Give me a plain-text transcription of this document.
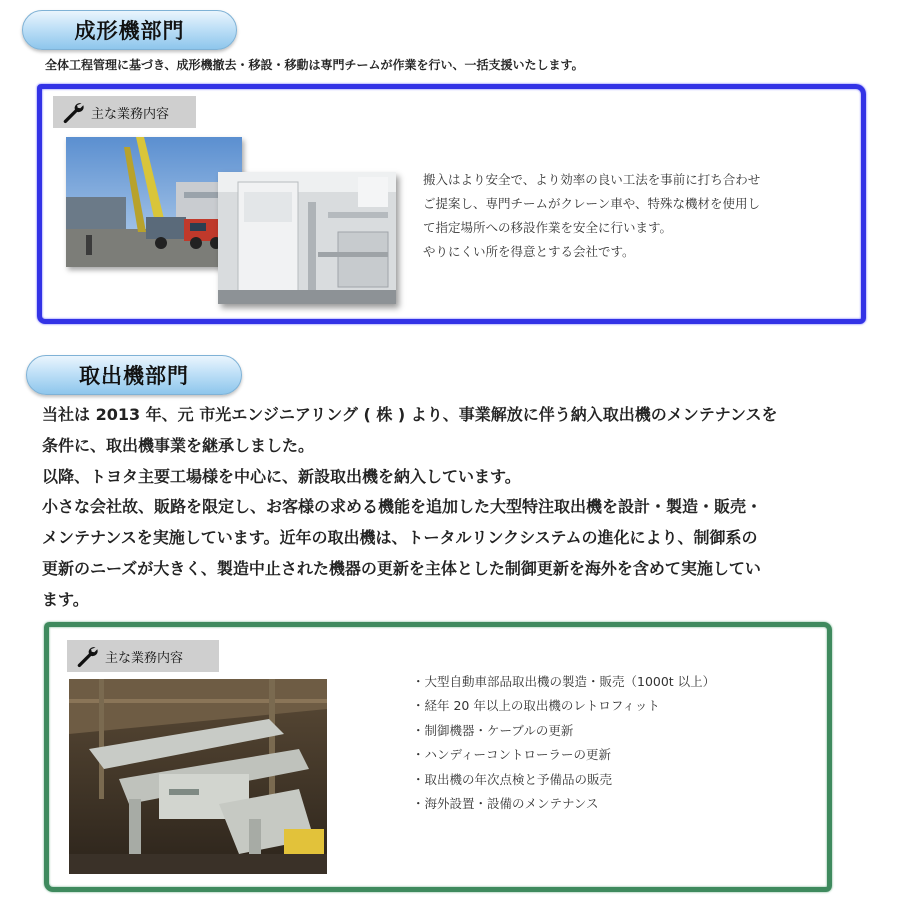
成形機部門
全体工程管理に基づき、成形機撤去・移設・移動は専門チームが作業を行い、一括支援いたします。
主な業務内容
搬入はより安全で、より効率の良い工法を事前に打ち合わせ
ご提案し、専門チームがクレーン車や、特殊な機材を使用し
て指定場所への移設作業を安全に行います。
やりにくい所を得意とする会社です。
取出機部門
当社は 2013 年、元 市光エンジニアリング ( 株 ) より、事業解放に伴う納入取出機のメンテナンスを
条件に、取出機事業を継承しました。
以降、トヨタ主要工場様を中心に、新設取出機を納入しています。
小さな会社故、販路を限定し、お客様の求める機能を追加した大型特注取出機を設計・製造・販売・
メンテナンスを実施しています。近年の取出機は、トータルリンクシステムの進化により、制御系の
更新のニーズが大きく、製造中止された機器の更新を主体とした制御更新を海外を含めて実施してい
ます。
主な業務内容
・大型自動車部品取出機の製造・販売（1000t 以上）
・経年 20 年以上の取出機のレトロフィット
・制御機器・ケーブルの更新
・ハンディーコントローラーの更新
・取出機の年次点検と予備品の販売
・海外設置・設備のメンテナンス
